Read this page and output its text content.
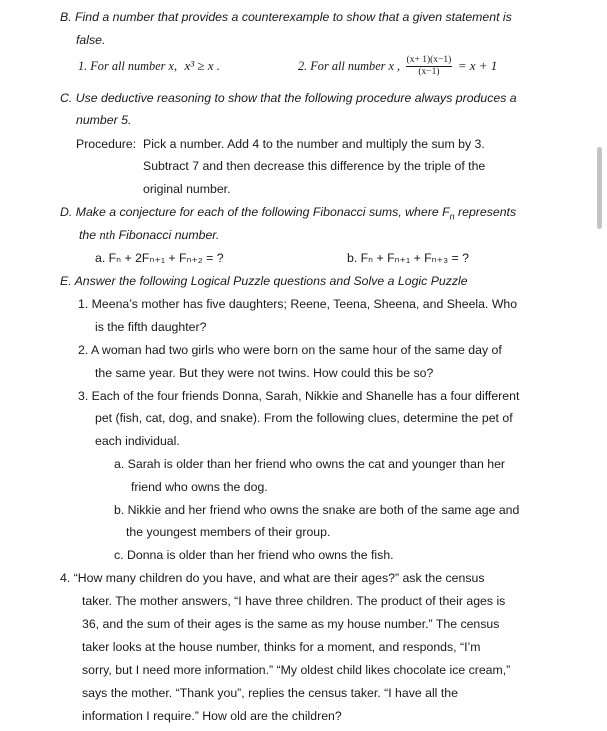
B. Find a number that provides a counterexample to show that a given statement is
false.
1. For all number x, x³ ≥ x .	2. For all number x , $\frac{(x+ 1)(x-1)}{(x-1)} = x + 1$
C. Use deductive reasoning to show that the following procedure always produces a
number 5.
Procedure: Pick a number. Add 4 to the number and multiply the sum by 3.
Subtract 7 and then decrease this difference by the triple of the
original number.
D. Make a conjecture for each of the following Fibonacci sums, where $F_n$ represents
the nth Fibonacci number.
a. Fₙ + 2Fₙ₊₁ + Fₙ₊₂ = ?	b. Fₙ + Fₙ₊₁ + Fₙ₊₃ = ?
E. Answer the following Logical Puzzle questions and Solve a Logic Puzzle
1. Meena’s mother has five daughters; Reene, Teena, Sheena, and Sheela. Who
is the fifth daughter?
2. A woman had two girls who were born on the same hour of the same day of
the same year. But they were not twins. How could this be so?
3. Each of the four friends Donna, Sarah, Nikkie and Shanelle has a four different
pet (fish, cat, dog, and snake). From the following clues, determine the pet of
each individual.
a. Sarah is older than her friend who owns the cat and younger than her
friend who owns the dog.
b. Nikkie and her friend who owns the snake are both of the same age and
the youngest members of their group.
c. Donna is older than her friend who owns the fish.
4. “How many children do you have, and what are their ages?” ask the census
taker. The mother answers, “I have three children. The product of their ages is
36, and the sum of their ages is the same as my house number.” The census
taker looks at the house number, thinks for a moment, and responds, “I’m
sorry, but I need more information.” “My oldest child likes chocolate ice cream,”
says the mother. “Thank you”, replies the census taker. “I have all the
information I require.” How old are the children?
